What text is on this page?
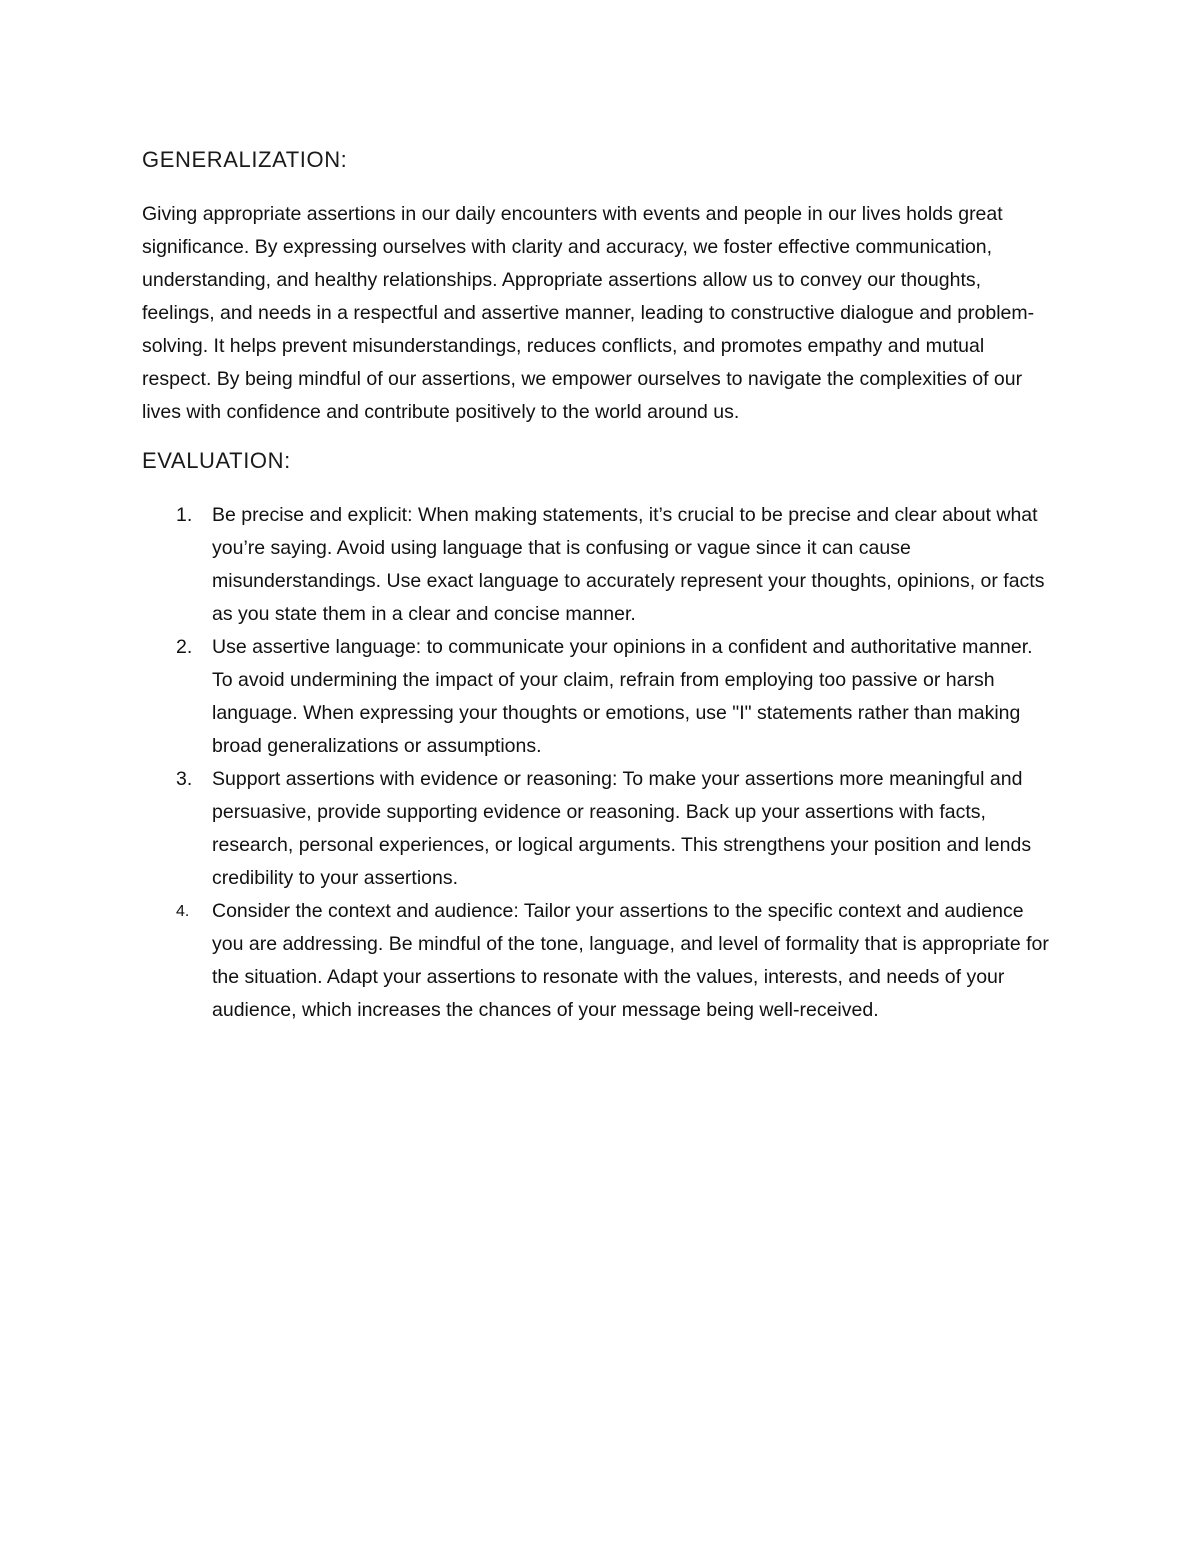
GENERALIZATION:

Giving appropriate assertions in our daily encounters with events and people in our lives holds great significance. By expressing ourselves with clarity and accuracy, we foster effective communication, understanding, and healthy relationships. Appropriate assertions allow us to convey our thoughts, feelings, and needs in a respectful and assertive manner, leading to constructive dialogue and problem-solving. It helps prevent misunderstandings, reduces conflicts, and promotes empathy and mutual respect. By being mindful of our assertions, we empower ourselves to navigate the complexities of our lives with confidence and contribute positively to the world around us.

EVALUATION:
1. Be precise and explicit: When making statements, it’s crucial to be precise and clear about what you’re saying. Avoid using language that is confusing or vague since it can cause misunderstandings. Use exact language to accurately represent your thoughts, opinions, or facts as you state them in a clear and concise manner.
2. Use assertive language: to communicate your opinions in a confident and authoritative manner. To avoid undermining the impact of your claim, refrain from employing too passive or harsh language. When expressing your thoughts or emotions, use "I" statements rather than making broad generalizations or assumptions.
3. Support assertions with evidence or reasoning: To make your assertions more meaningful and persuasive, provide supporting evidence or reasoning. Back up your assertions with facts, research, personal experiences, or logical arguments. This strengthens your position and lends credibility to your assertions.
4. Consider the context and audience: Tailor your assertions to the specific context and audience you are addressing. Be mindful of the tone, language, and level of formality that is appropriate for the situation. Adapt your assertions to resonate with the values, interests, and needs of your audience, which increases the chances of your message being well-received.
